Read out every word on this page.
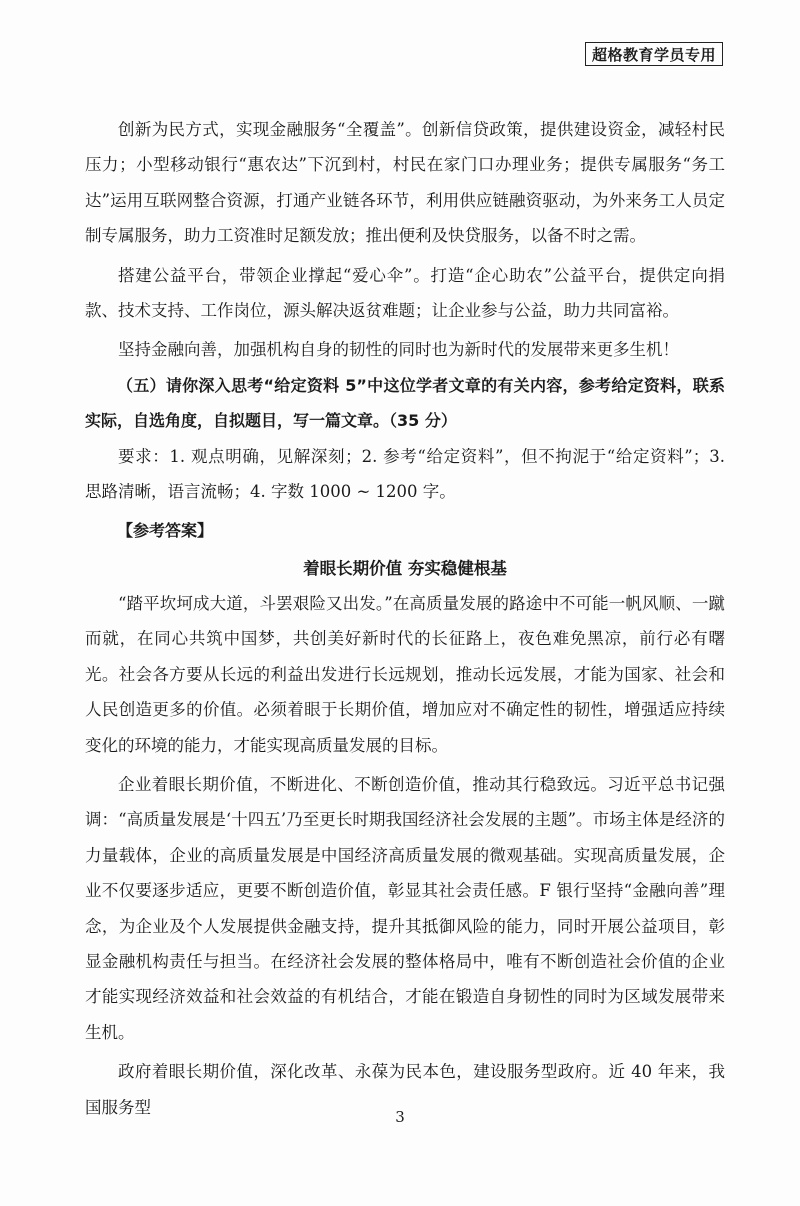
超格教育学员专用

创新为民方式，实现金融服务“全覆盖”。创新信贷政策，提供建设资金，减轻村民压力；小型移动银行“惠农达”下沉到村，村民在家门口办理业务；提供专属服务“务工达”运用互联网整合资源，打通产业链各环节，利用供应链融资驱动，为外来务工人员定制专属服务，助力工资准时足额发放；推出便利及快贷服务，以备不时之需。

搭建公益平台，带领企业撑起“爱心伞”。打造“企心助农”公益平台，提供定向捐款、技术支持、工作岗位，源头解决返贫难题；让企业参与公益，助力共同富裕。

坚持金融向善，加强机构自身的韧性的同时也为新时代的发展带来更多生机！

（五）请你深入思考“给定资料 5”中这位学者文章的有关内容，参考给定资料，联系实际，自选角度，自拟题目，写一篇文章。（35 分）

要求：1. 观点明确，见解深刻；2. 参考“给定资料”，但不拘泥于“给定资料”；3. 思路清晰，语言流畅；4. 字数 1000 ~ 1200 字。

【参考答案】

着眼长期价值 夯实稳健根基

“踏平坎坷成大道，斗罢艰险又出发。”在高质量发展的路途中不可能一帆风顺、一蹴而就，在同心共筑中国梦，共创美好新时代的长征路上，夜色难免黑凉，前行必有曙光。社会各方要从长远的利益出发进行长远规划，推动长远发展，才能为国家、社会和人民创造更多的价值。必须着眼于长期价值，增加应对不确定性的韧性，增强适应持续变化的环境的能力，才能实现高质量发展的目标。

企业着眼长期价值，不断进化、不断创造价值，推动其行稳致远。习近平总书记强调：“高质量发展是‘十四五’乃至更长时期我国经济社会发展的主题”。市场主体是经济的力量载体，企业的高质量发展是中国经济高质量发展的微观基础。实现高质量发展，企业不仅要逐步适应，更要不断创造价值，彰显其社会责任感。F 银行坚持“金融向善”理念，为企业及个人发展提供金融支持，提升其抵御风险的能力，同时开展公益项目，彰显金融机构责任与担当。在经济社会发展的整体格局中，唯有不断创造社会价值的企业才能实现经济效益和社会效益的有机结合，才能在锻造自身韧性的同时为区域发展带来生机。

政府着眼长期价值，深化改革、永葆为民本色，建设服务型政府。近 40 年来，我国服务型

3
